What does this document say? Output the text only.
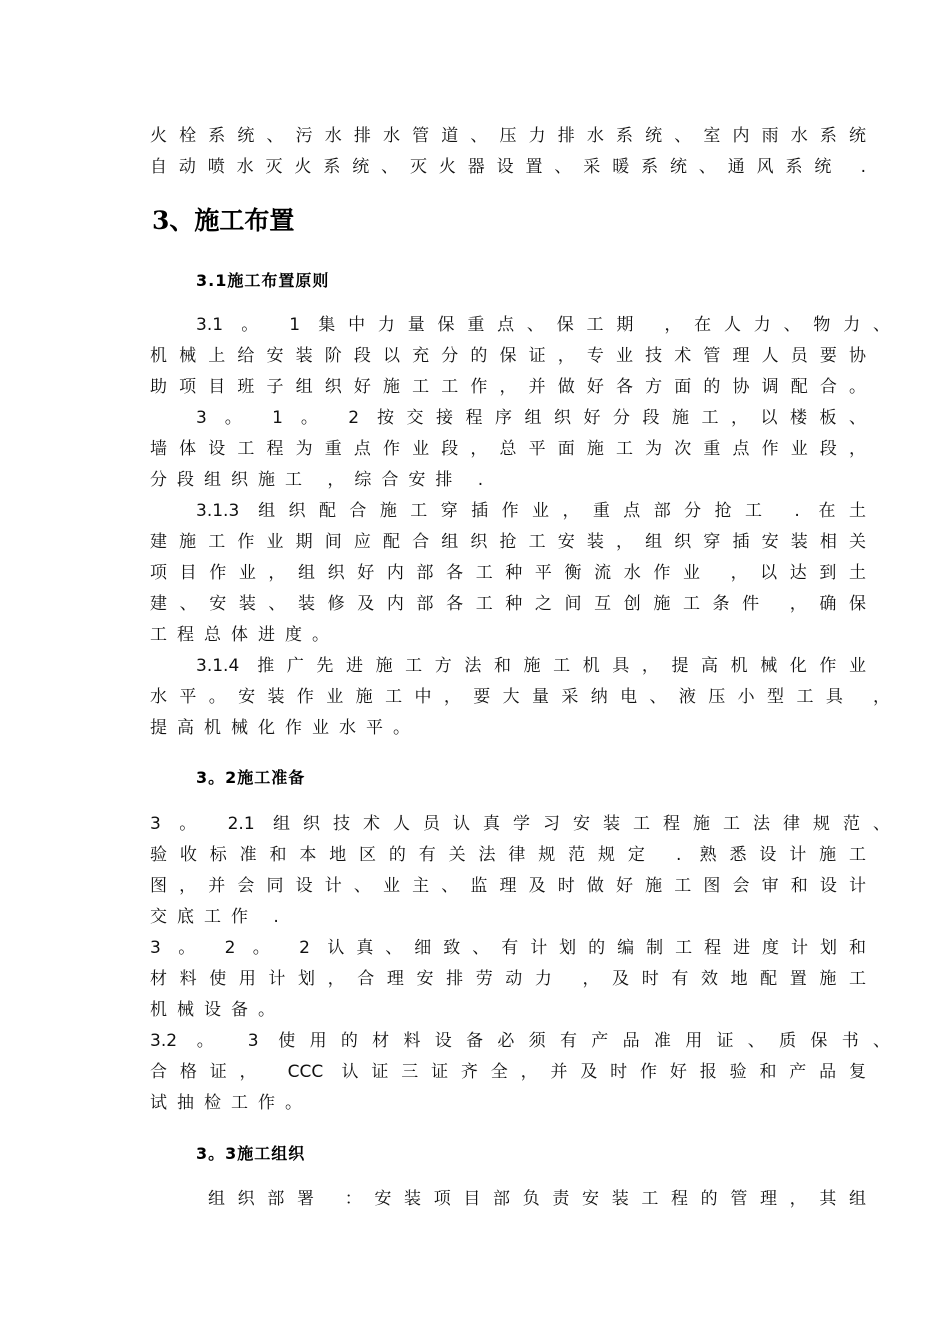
火栓系统、污水排水管道、压力排水系统、室内雨水系统

自动喷水灭火系统、灭火器设置、采暖系统、通风系统 .

3、施工布置
3.1施工布置原则

3.1 。 1 集中力量保重点、保工期 ，在人力、物力、

机械上给安装阶段以充分的保证，专业技术管理人员要协

助项目班子组织好施工工作，并做好各方面的协调配合。

3 。 1 。 2 按交接程序组织好分段施工，以楼板、

墙体设工程为重点作业段，总平面施工为次重点作业段，

分段组织施工 ，综合安排 .

3.1.3 组织配合施工穿插作业，重点部分抢工 . 在土

建施工作业期间应配合组织抢工安装，组织穿插安装相关

项目作业，组织好内部各工种平衡流水作业 ，以达到土

建、安装、装修及内部各工种之间互创施工条件 ，确保

工程总体进度。

3.1.4 推广先进施工方法和施工机具，提高机械化作业

水平。安装作业施工中，要大量采纳电、液压小型工具 ，

提高机械化作业水平。

3。2施工准备

3 。 2.1 组织技术人员认真学习安装工程施工法律规范、

验收标准和本地区的有关法律规范规定 . 熟悉设计施工

图，并会同设计、业主、监理及时做好施工图会审和设计

交底工作 .

3 。 2 。 2 认真、细致、有计划的编制工程进度计划和

材料使用计划，合理安排劳动力 ，及时有效地配置施工

机械设备。

3.2 。 3 使用的材料设备必须有产品准用证、质保书、

合格证， CCC 认证三证齐全，并及时作好报验和产品复

试抽检工作。

3。3施工组织

组织部署 ：安装项目部负责安装工程的管理，其组
